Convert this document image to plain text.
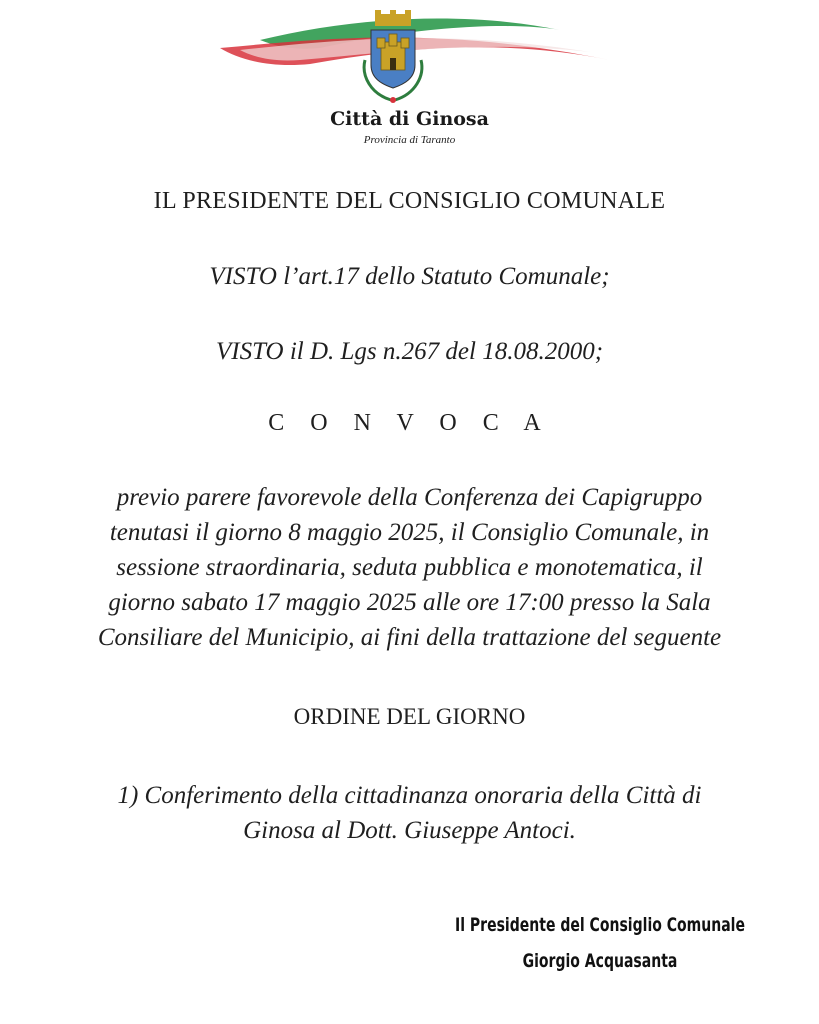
Città di Ginosa
Provincia di Taranto
IL PRESIDENTE DEL CONSIGLIO COMUNALE
VISTO l’art.17 dello Statuto Comunale;
VISTO il D. Lgs n.267 del 18.08.2000;
C O N V O C A
previo parere favorevole della Conferenza dei Capigruppo
tenutasi il giorno 8 maggio 2025, il Consiglio Comunale, in
sessione straordinaria, seduta pubblica e monotematica, il
giorno sabato 17 maggio 2025 alle ore 17:00 presso la Sala
Consiliare del Municipio, ai fini della trattazione del seguente
ORDINE DEL GIORNO
1) Conferimento della cittadinanza onoraria della Città di
Ginosa al Dott. Giuseppe Antoci.
Il Presidente del Consiglio Comunale
Giorgio Acquasanta
